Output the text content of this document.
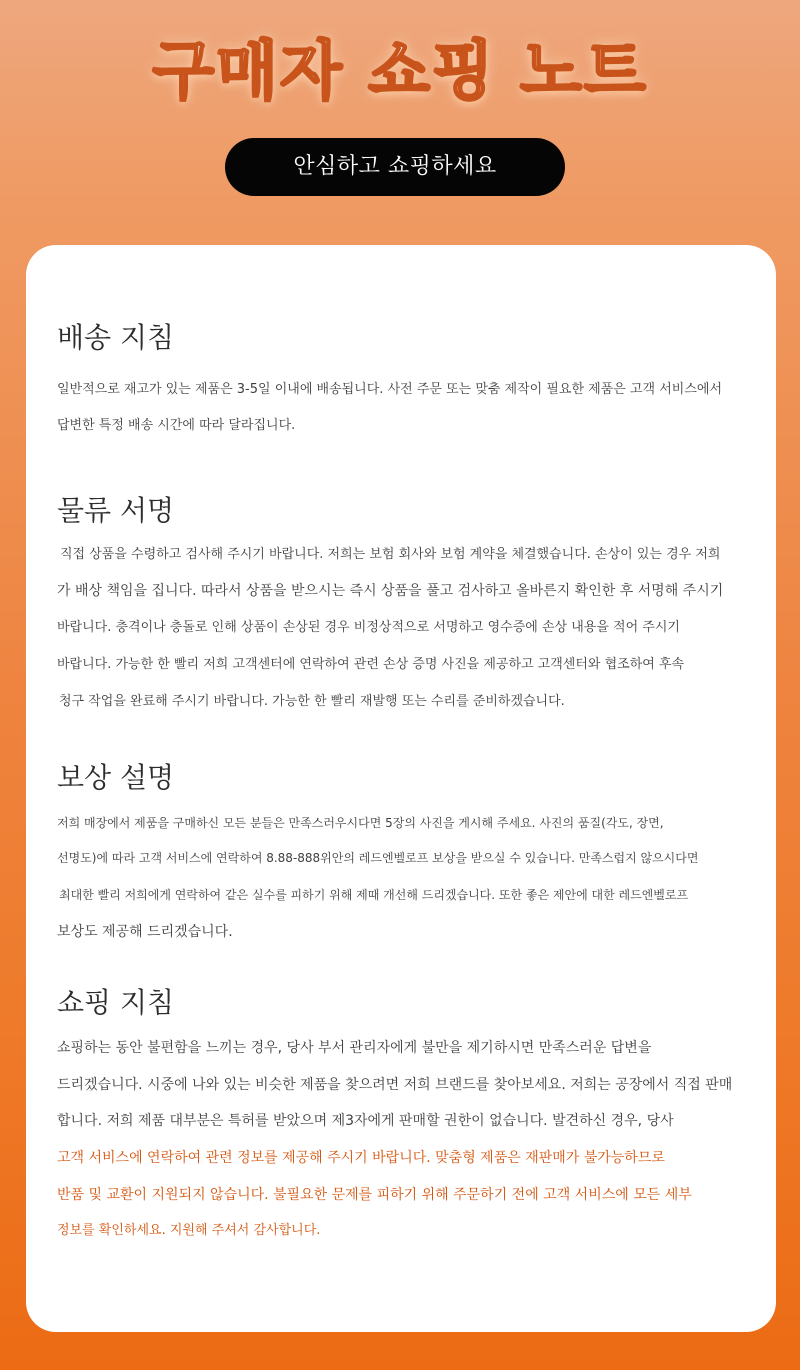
구매자 쇼핑 노트
안심하고 쇼핑하세요
배송 지침

일반적으로 재고가 있는 제품은 3-5일 이내에 배송됩니다. 사전 주문 또는 맞춤 제작이 필요한 제품은 고객 서비스에서

답변한 특정 배송 시간에 따라 달라집니다.

물류 서명

직접 상품을 수령하고 검사해 주시기 바랍니다. 저희는 보험 회사와 보험 계약을 체결했습니다. 손상이 있는 경우 저희

가 배상 책임을 집니다. 따라서 상품을 받으시는 즉시 상품을 풀고 검사하고 올바른지 확인한 후 서명해 주시기

바랍니다. 충격이나 충돌로 인해 상품이 손상된 경우 비정상적으로 서명하고 영수증에 손상 내용을 적어 주시기

바랍니다. 가능한 한 빨리 저희 고객센터에 연락하여 관련 손상 증명 사진을 제공하고 고객센터와 협조하여 후속

청구 작업을 완료해 주시기 바랍니다. 가능한 한 빨리 재발행 또는 수리를 준비하겠습니다.

보상 설명

저희 매장에서 제품을 구매하신 모든 분들은 만족스러우시다면 5장의 사진을 게시해 주세요. 사진의 품질(각도, 장면,

선명도)에 따라 고객 서비스에 연락하여 8.88-888위안의 레드엔벨로프 보상을 받으실 수 있습니다. 만족스럽지 않으시다면

최대한 빨리 저희에게 연락하여 같은 실수를 피하기 위해 제때 개선해 드리겠습니다. 또한 좋은 제안에 대한 레드엔벨로프

보상도 제공해 드리겠습니다.

쇼핑 지침

쇼핑하는 동안 불편함을 느끼는 경우, 당사 부서 관리자에게 불만을 제기하시면 만족스러운 답변을

드리겠습니다. 시중에 나와 있는 비슷한 제품을 찾으려면 저희 브랜드를 찾아보세요. 저희는 공장에서 직접 판매

합니다. 저희 제품 대부분은 특허를 받았으며 제3자에게 판매할 권한이 없습니다. 발견하신 경우, 당사

고객 서비스에 연락하여 관련 정보를 제공해 주시기 바랍니다. 맞춤형 제품은 재판매가 불가능하므로

반품 및 교환이 지원되지 않습니다. 불필요한 문제를 피하기 위해 주문하기 전에 고객 서비스에 모든 세부

정보를 확인하세요. 지원해 주셔서 감사합니다.
